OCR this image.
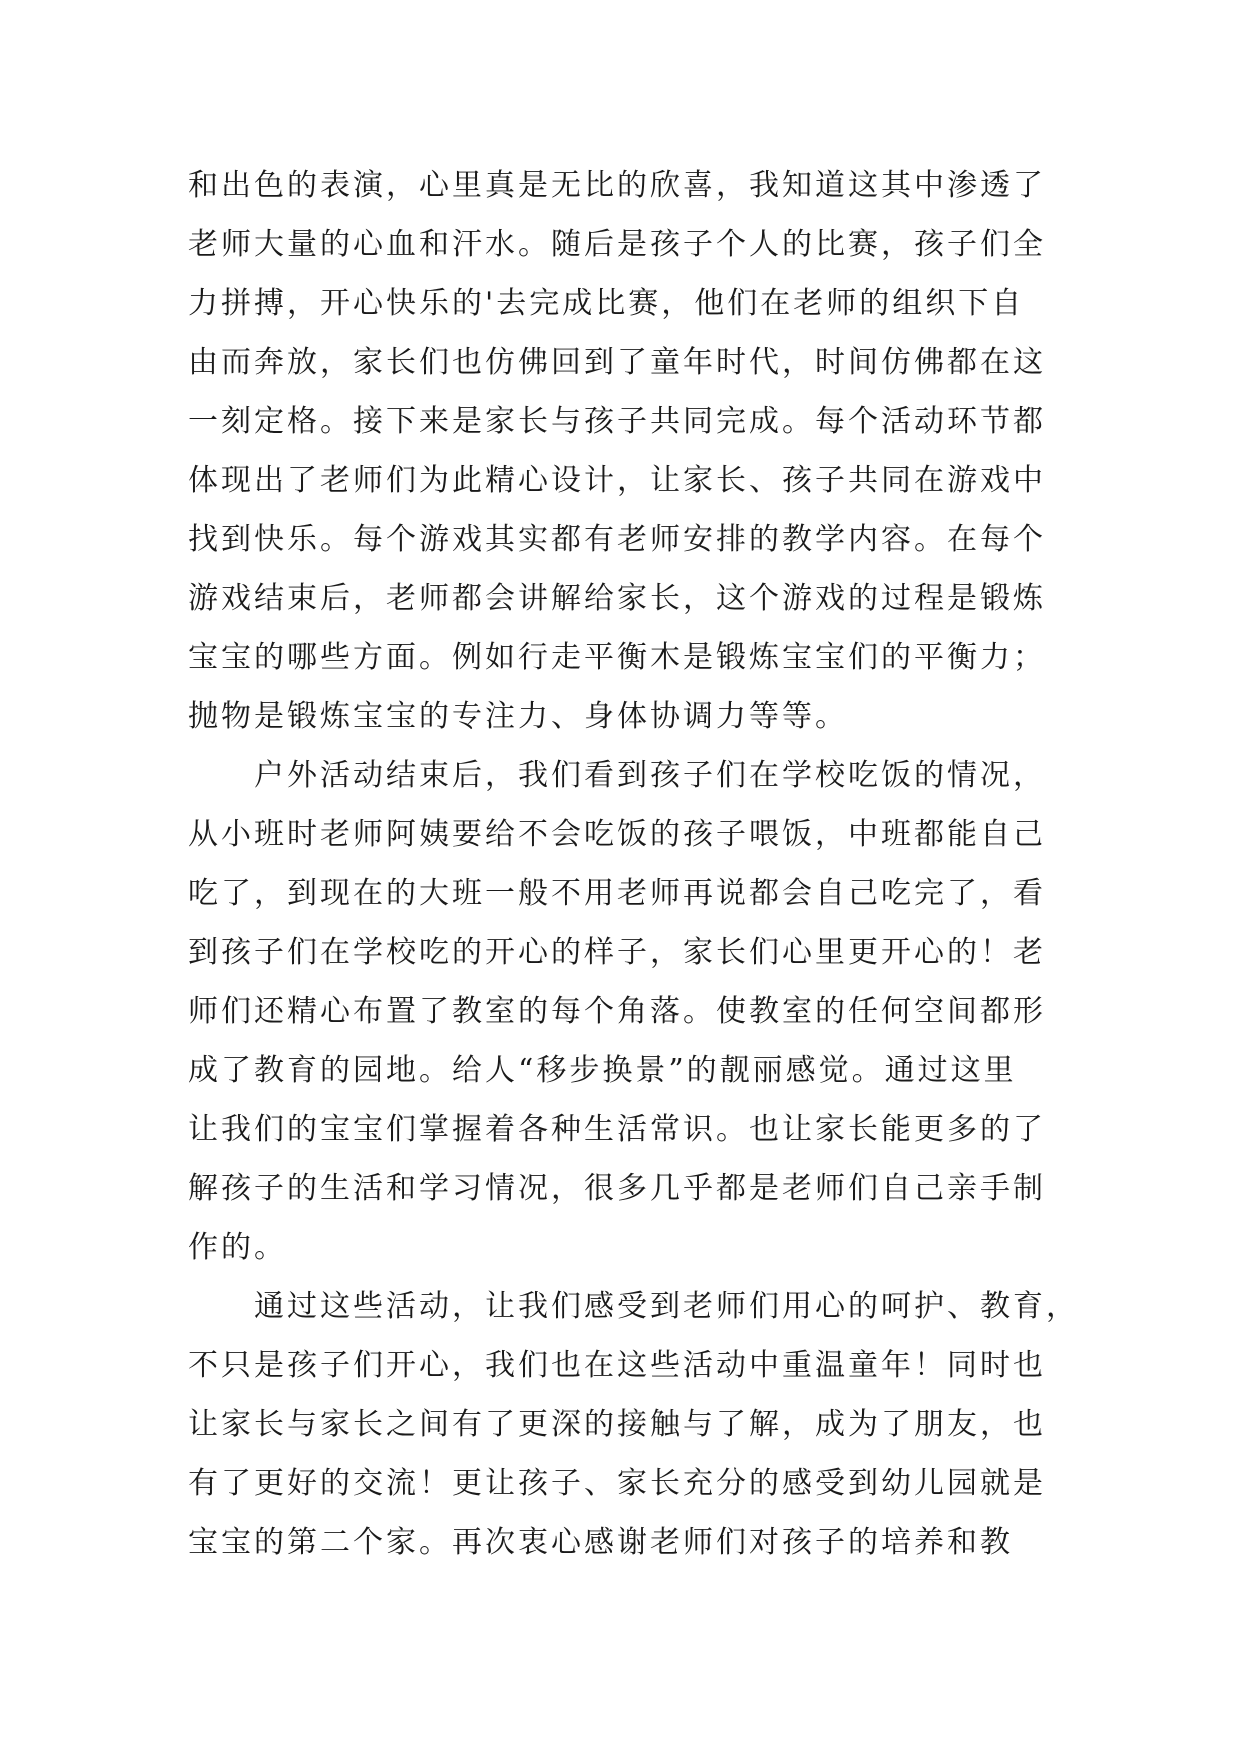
和出色的表演，心里真是无比的欣喜，我知道这其中渗透了
老师大量的心血和汗水。随后是孩子个人的比赛，孩子们全
力拼搏，开心快乐的'去完成比赛，他们在老师的组织下自
由而奔放，家长们也仿佛回到了童年时代，时间仿佛都在这
一刻定格。接下来是家长与孩子共同完成。每个活动环节都
体现出了老师们为此精心设计，让家长、孩子共同在游戏中
找到快乐。每个游戏其实都有老师安排的教学内容。在每个
游戏结束后，老师都会讲解给家长，这个游戏的过程是锻炼
宝宝的哪些方面。例如行走平衡木是锻炼宝宝们的平衡力；
抛物是锻炼宝宝的专注力、身体协调力等等。
户外活动结束后，我们看到孩子们在学校吃饭的情况，
从小班时老师阿姨要给不会吃饭的孩子喂饭，中班都能自己
吃了，到现在的大班一般不用老师再说都会自己吃完了，看
到孩子们在学校吃的开心的样子，家长们心里更开心的！老
师们还精心布置了教室的每个角落。使教室的任何空间都形
成了教育的园地。给人“移步换景”的靓丽感觉。通过这里
让我们的宝宝们掌握着各种生活常识。也让家长能更多的了
解孩子的生活和学习情况，很多几乎都是老师们自己亲手制
作的。
通过这些活动，让我们感受到老师们用心的呵护、教育，
不只是孩子们开心，我们也在这些活动中重温童年！同时也
让家长与家长之间有了更深的接触与了解，成为了朋友，也
有了更好的交流！更让孩子、家长充分的感受到幼儿园就是
宝宝的第二个家。再次衷心感谢老师们对孩子的培养和教
